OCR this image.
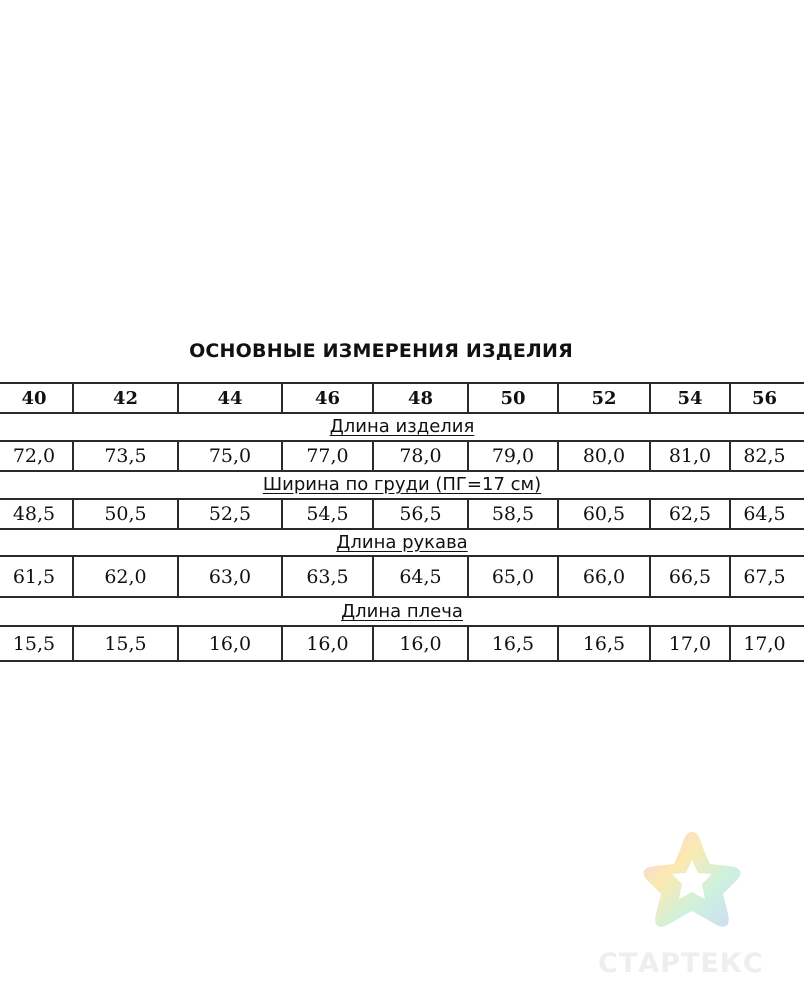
ОСНОВНЫЕ ИЗМЕРЕНИЯ ИЗДЕЛИЯ
40	42	44	46	48	50	52	54	56
Длина изделия
72,0	73,5	75,0	77,0	78,0	79,0	80,0	81,0	82,5
Ширина по груди (ПГ=17 см)
48,5	50,5	52,5	54,5	56,5	58,5	60,5	62,5	64,5
Длина рукава
61,5	62,0	63,0	63,5	64,5	65,0	66,0	66,5	67,5
Длина плеча
15,5	15,5	16,0	16,0	16,0	16,5	16,5	17,0	17,0
СТАРТЕКС
